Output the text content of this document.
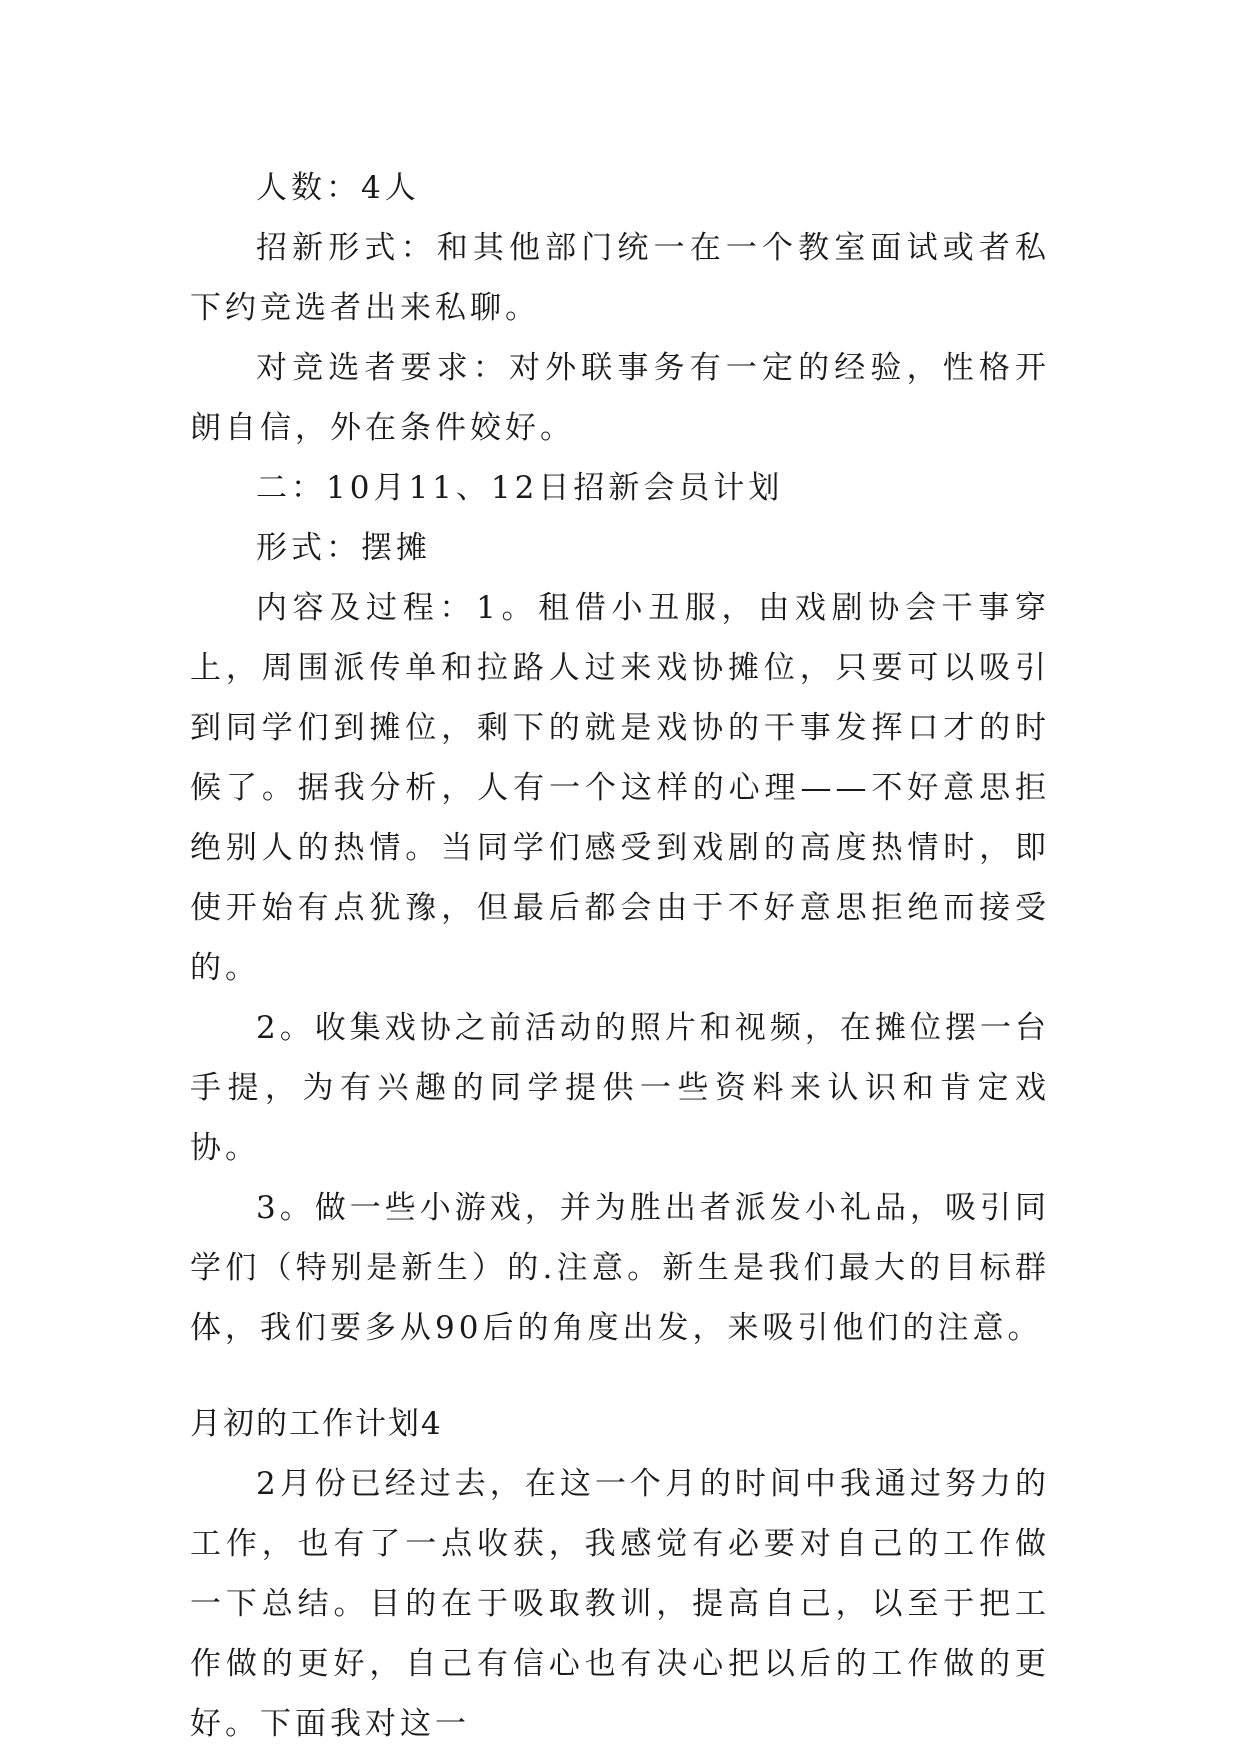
人数：4人

招新形式：和其他部门统一在一个教室面试或者私下约竞选者出来私聊。

对竞选者要求：对外联事务有一定的经验，性格开朗自信，外在条件姣好。

二：10月11、12日招新会员计划

形式：摆摊

内容及过程：1。租借小丑服，由戏剧协会干事穿上，周围派传单和拉路人过来戏协摊位，只要可以吸引到同学们到摊位，剩下的就是戏协的干事发挥口才的时候了。据我分析，人有一个这样的心理——不好意思拒绝别人的热情。当同学们感受到戏剧的高度热情时，即使开始有点犹豫，但最后都会由于不好意思拒绝而接受的。

2。收集戏协之前活动的照片和视频，在摊位摆一台手提，为有兴趣的同学提供一些资料来认识和肯定戏协。

3。做一些小游戏，并为胜出者派发小礼品，吸引同学们（特别是新生）的.注意。新生是我们最大的目标群体，我们要多从90后的角度出发，来吸引他们的注意。

月初的工作计划4

2月份已经过去，在这一个月的时间中我通过努力的工作，也有了一点收获，我感觉有必要对自己的工作做一下总结。目的在于吸取教训，提高自己，以至于把工作做的更好，自己有信心也有决心把以后的工作做的更好。下面我对这一
